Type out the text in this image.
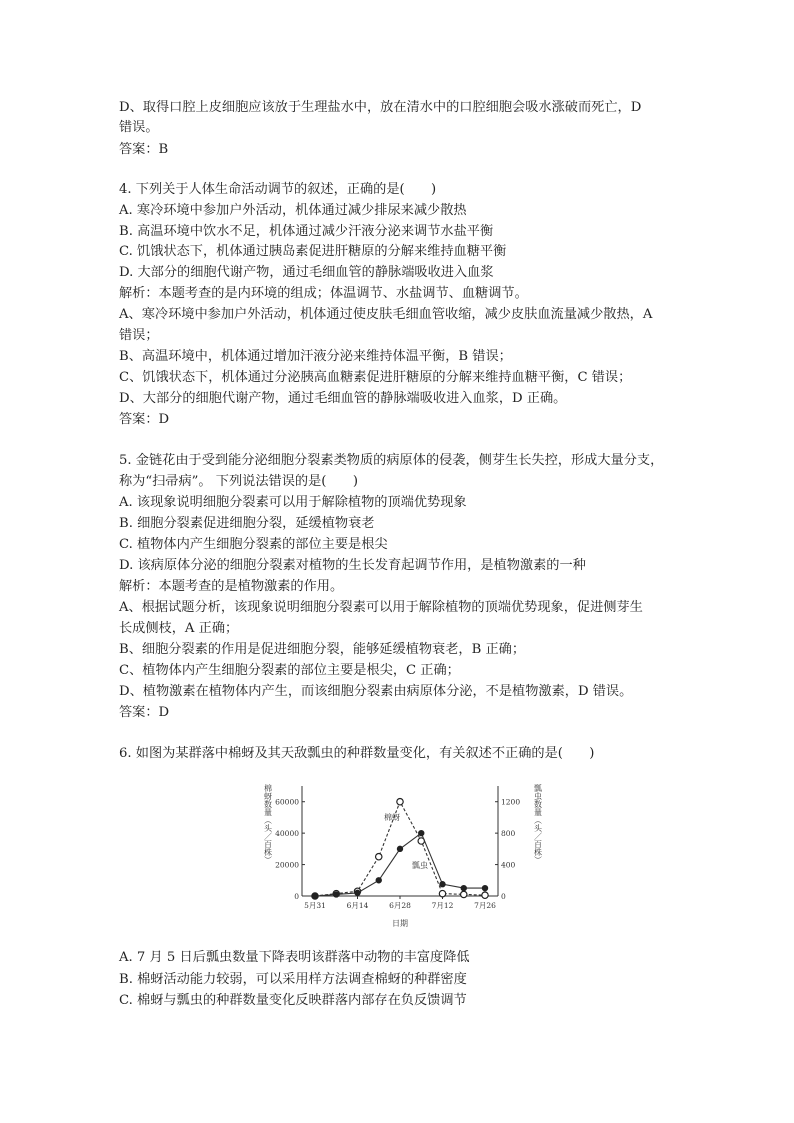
D、取得口腔上皮细胞应该放于生理盐水中，放在清水中的口腔细胞会吸水涨破而死亡，D
错误。
答案：B
4. 下列关于人体生命活动调节的叙述，正确的是(　　)
A. 寒冷环境中参加户外活动，机体通过减少排尿来减少散热
B. 高温环境中饮水不足，机体通过减少汗液分泌来调节水盐平衡
C. 饥饿状态下，机体通过胰岛素促进肝糖原的分解来维持血糖平衡
D. 大部分的细胞代谢产物，通过毛细血管的静脉端吸收进入血浆
解析：本题考查的是内环境的组成；体温调节、水盐调节、血糖调节。
A、寒冷环境中参加户外活动，机体通过使皮肤毛细血管收缩，减少皮肤血流量减少散热，A
错误；
B、高温环境中，机体通过增加汗液分泌来维持体温平衡，B 错误；
C、饥饿状态下，机体通过分泌胰高血糖素促进肝糖原的分解来维持血糖平衡，C 错误；
D、大部分的细胞代谢产物，通过毛细血管的静脉端吸收进入血浆，D 正确。
答案：D
5. 金链花由于受到能分泌细胞分裂素类物质的病原体的侵袭，侧芽生长失控，形成大量分支，
称为“扫帚病”。 下列说法错误的是(　　)
A. 该现象说明细胞分裂素可以用于解除植物的顶端优势现象
B. 细胞分裂素促进细胞分裂，延缓植物衰老
C. 植物体内产生细胞分裂素的部位主要是根尖
D. 该病原体分泌的细胞分裂素对植物的生长发育起调节作用，是植物激素的一种
解析：本题考查的是植物激素的作用。
A、根据试题分析，该现象说明细胞分裂素可以用于解除植物的顶端优势现象，促进侧芽生
长成侧枝，A 正确；
B、细胞分裂素的作用是促进细胞分裂，能够延缓植物衰老，B 正确；
C、植物体内产生细胞分裂素的部位主要是根尖，C 正确；
D、植物激素在植物体内产生，而该细胞分裂素由病原体分泌，不是植物激素，D 错误。
答案：D
6. 如图为某群落中棉蚜及其天敌瓢虫的种群数量变化，有关叙述不正确的是(　　)
A. 7 月 5 日后瓢虫数量下降表明该群落中动物的丰富度降低
B. 棉蚜活动能力较弱，可以采用样方法调查棉蚜的种群密度
C. 棉蚜与瓢虫的种群数量变化反映群落内部存在负反馈调节
棉蚜数量（头／百株）	瓢虫数量（头／百株）
日期
棉蚜
瓢虫
0
20000
40000
60000
0
400
800
1200
5月31	6月14	6月28	7月12	7月26
